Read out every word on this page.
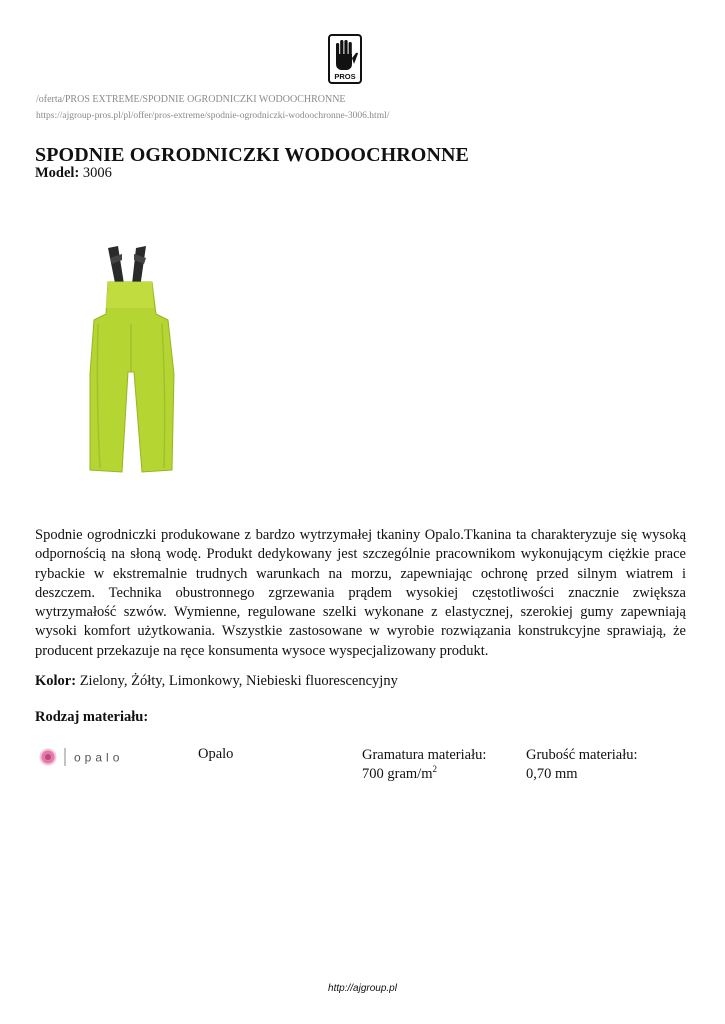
PROS
/oferta/PROS EXTREME/SPODNIE OGRODNICZKI WODOOCHRONNE
https://ajgroup-pros.pl/pl/offer/pros-extreme/spodnie-ogrodniczki-wodoochronne-3006.html/
SPODNIE OGRODNICZKI WODOOCHRONNE
Model: 3006

Spodnie ogrodniczki produkowane z bardzo wytrzymałej tkaniny Opalo.Tkanina ta charakteryzuje się wysoką odpornością na słoną wodę. Produkt dedykowany jest szczególnie pracownikom wykonującym ciężkie prace rybackie w ekstremalnie trudnych warunkach na morzu, zapewniając ochronę przed silnym wiatrem i deszczem. Technika obustronnego zgrzewania prądem wysokiej częstotliwości znacznie zwiększa wytrzymałość szwów. Wymienne, regulowane szelki wykonane z elastycznej, szerokiej gumy zapewniają wysoki komfort użytkowania. Wszystkie zastosowane w wyrobie rozwiązania konstrukcyjne sprawiają, że producent przekazuje na ręce konsumenta wysoce wyspecjalizowany produkt.

Kolor: Zielony, Żółty, Limonkowy, Niebieski fluorescencyjny
Rodzaj materiału:
opalo	Opalo	Gramatura materiału:
700 gram/$m^2$
Grubość materiału:
0,70 mm
http://ajgroup.pl
